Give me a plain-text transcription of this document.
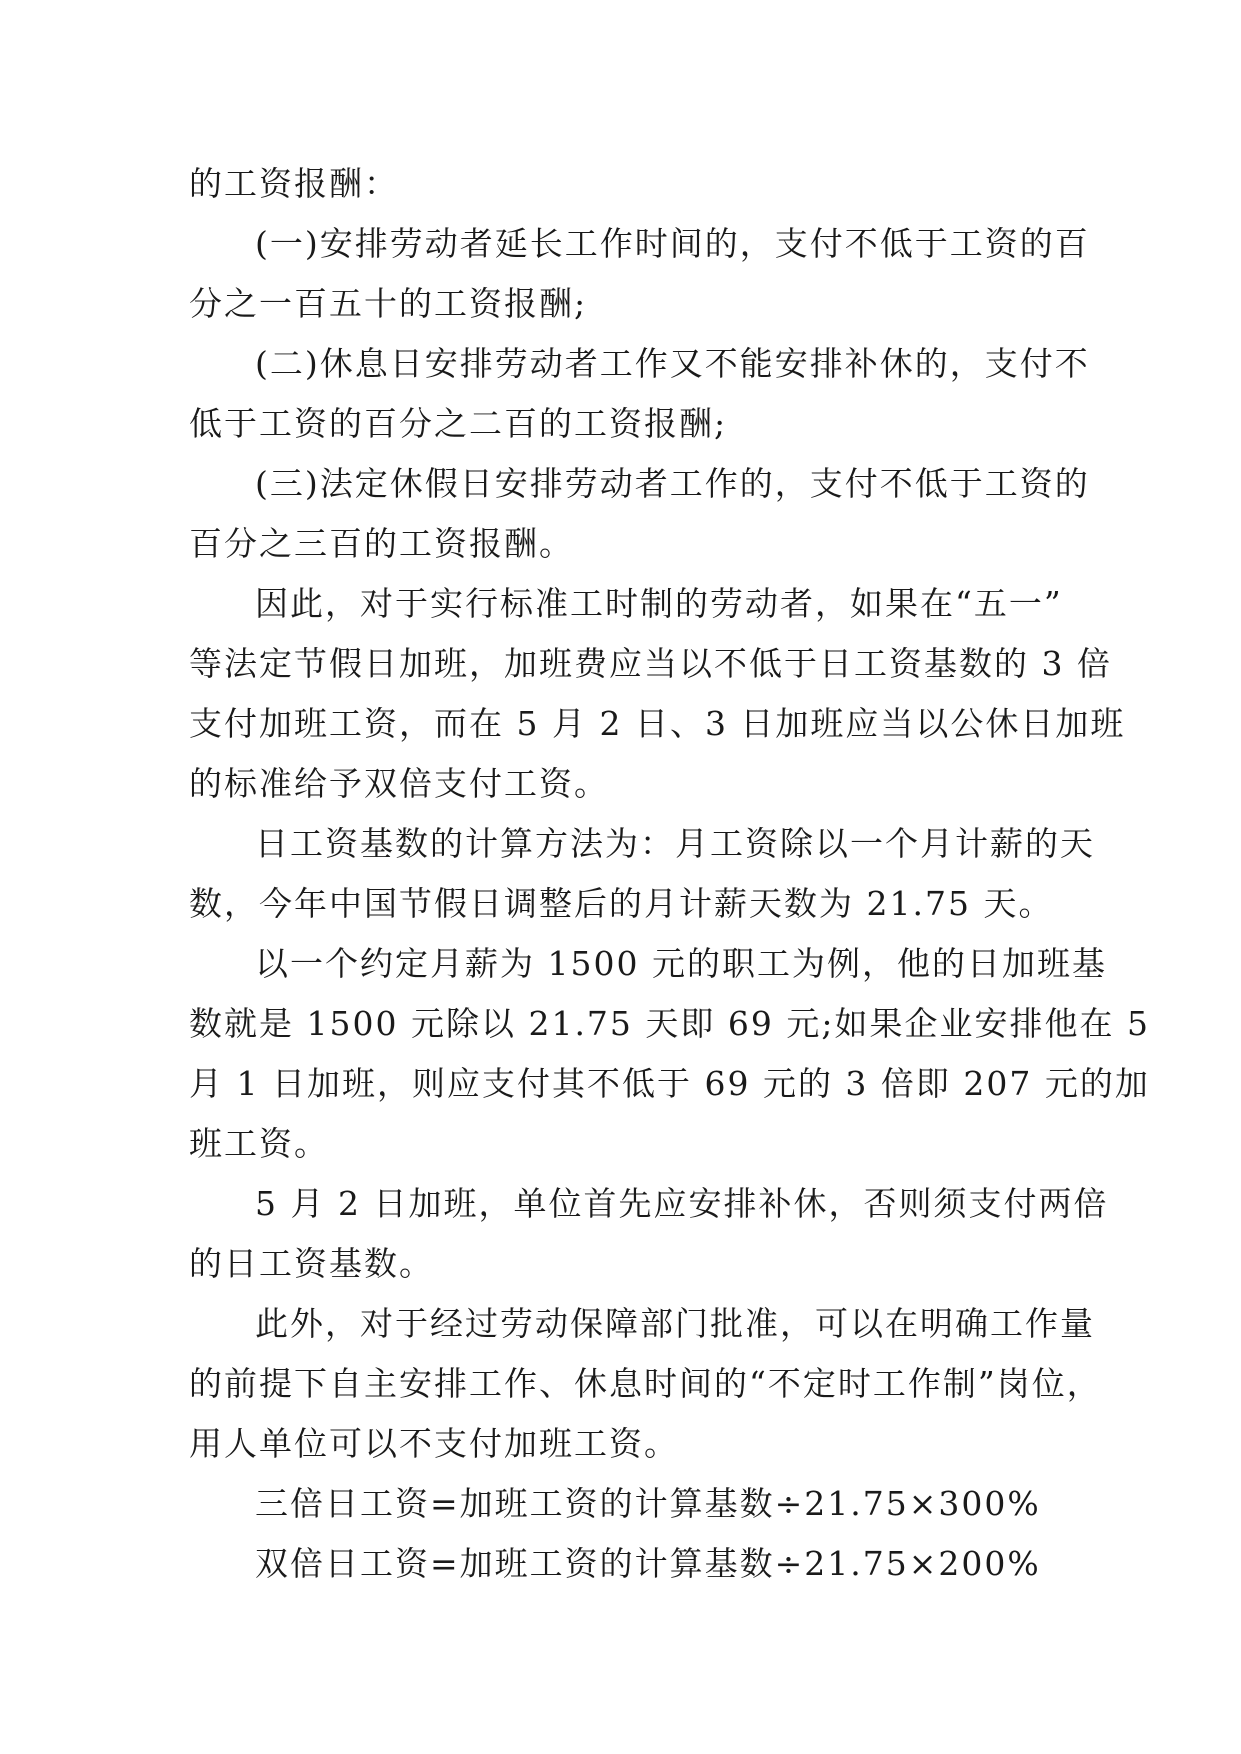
的工资报酬：
(一)安排劳动者延长工作时间的，支付不低于工资的百
分之一百五十的工资报酬;
(二)休息日安排劳动者工作又不能安排补休的，支付不
低于工资的百分之二百的工资报酬;
(三)法定休假日安排劳动者工作的，支付不低于工资的
百分之三百的工资报酬。
因此，对于实行标准工时制的劳动者，如果在“五一”
等法定节假日加班，加班费应当以不低于日工资基数的 3 倍
支付加班工资，而在 5 月 2 日、3 日加班应当以公休日加班
的标准给予双倍支付工资。
日工资基数的计算方法为：月工资除以一个月计薪的天
数，今年中国节假日调整后的月计薪天数为 21.75 天。
以一个约定月薪为 1500 元的职工为例，他的日加班基
数就是 1500 元除以 21.75 天即 69 元;如果企业安排他在 5
月 1 日加班，则应支付其不低于 69 元的 3 倍即 207 元的加
班工资。
5 月 2 日加班，单位首先应安排补休，否则须支付两倍
的日工资基数。
此外，对于经过劳动保障部门批准，可以在明确工作量
的前提下自主安排工作、休息时间的“不定时工作制”岗位，
用人单位可以不支付加班工资。
三倍日工资=加班工资的计算基数÷21.75×300%
双倍日工资=加班工资的计算基数÷21.75×200%
